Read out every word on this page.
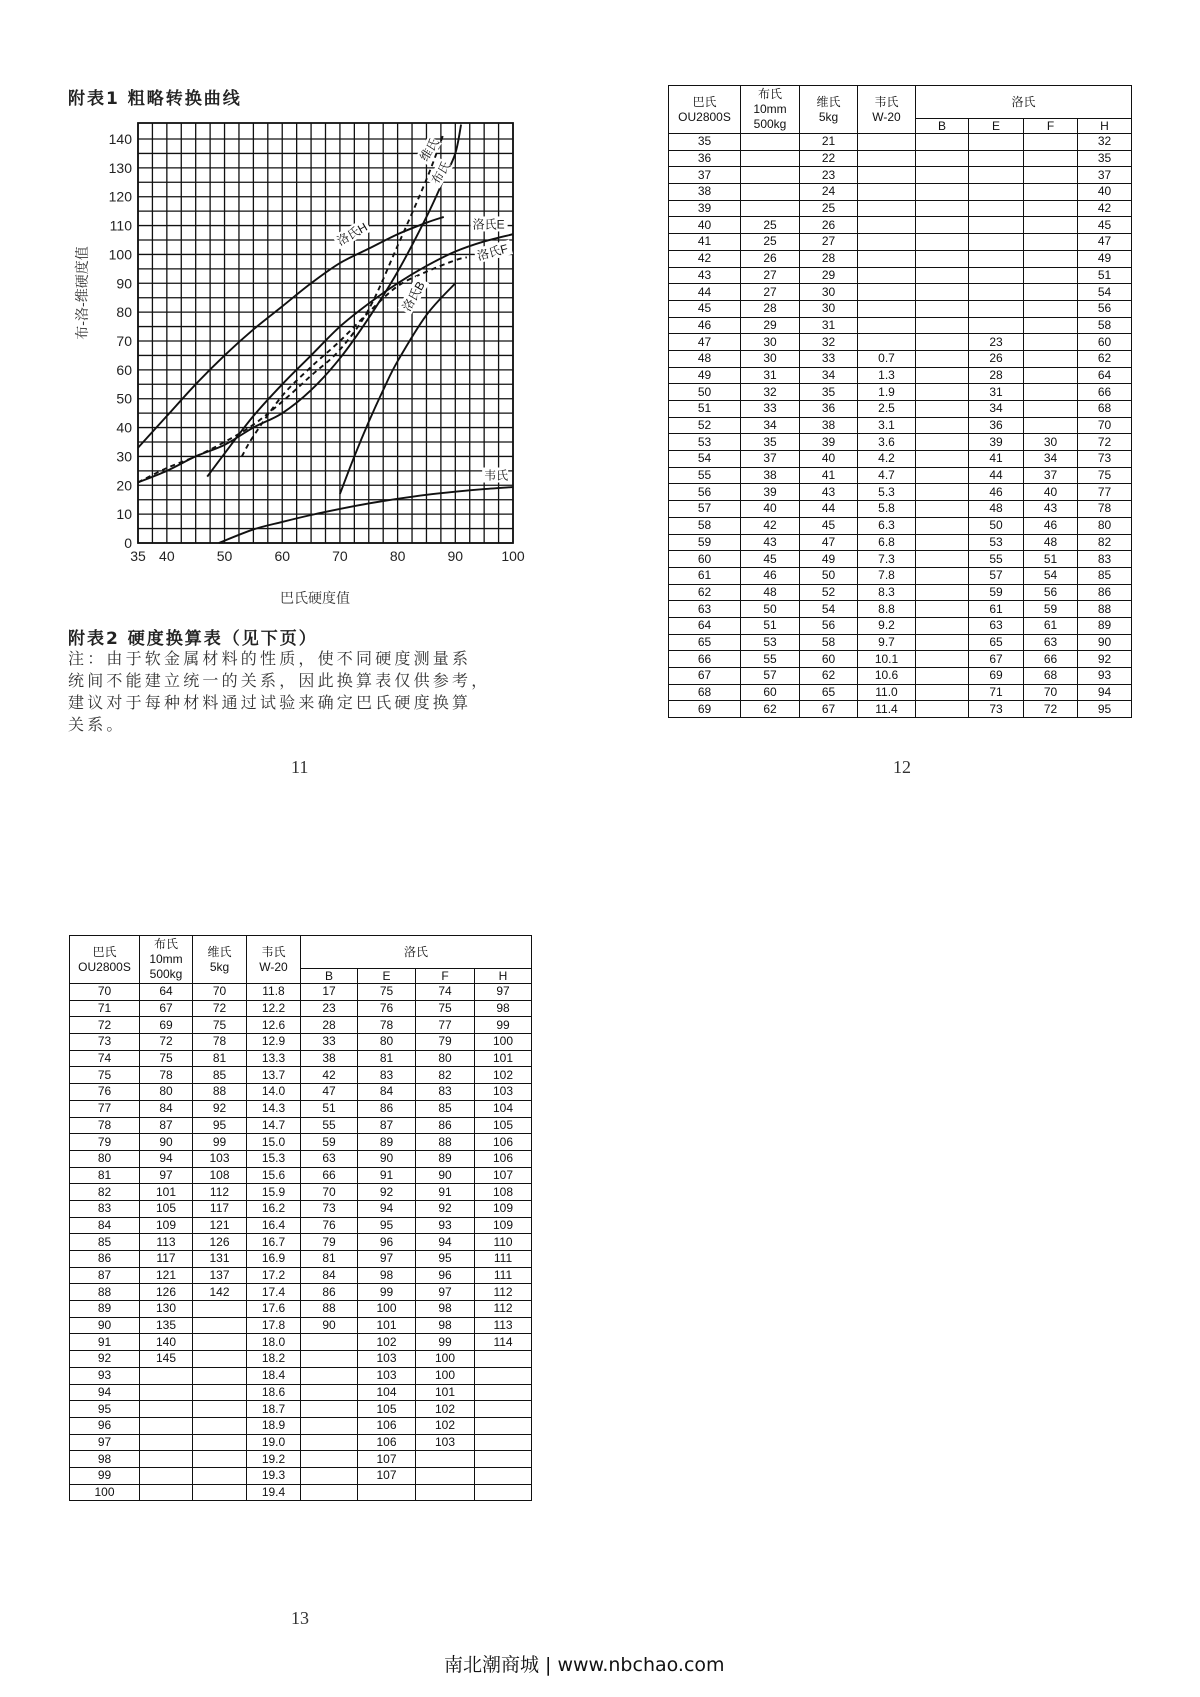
附表1 粗略转换曲线
0
10
20
30
40
50
60
70
80
90
100
110
120
130
140
35 40	50	60	70	80	90	100
洛氏H	洛氏E
洛氏F
洛氏B
布氏
维氏
韦氏
布-洛-维硬度值
巴氏硬度值
附表2 硬度换算表（见下页）
注：由于软金属材料的性质，使不同硬度测量系
统间不能建立统一的关系，因此换算表仅供参考，
建议对于每种材料通过试验来确定巴氏硬度换算
关系。
11
巴氏
OU2800S	布氏
10mm
500kg	维氏
5kg	韦氏
W-20	洛氏			
				B	E	F	H
35		21					32
36		22					35
37		23					37
38		24					40
39		25					42
40	25	26					45
41	25	27					47
42	26	28					49
43	27	29					51
44	27	30					54
45	28	30					56
46	29	31					58
47	30	32			23		60
48	30	33	0.7		26		62
49	31	34	1.3		28		64
50	32	35	1.9		31		66
51	33	36	2.5		34		68
52	34	38	3.1		36		70
53	35	39	3.6		39	30	72
54	37	40	4.2		41	34	73
55	38	41	4.7		44	37	75
56	39	43	5.3		46	40	77
57	40	44	5.8		48	43	78
58	42	45	6.3		50	46	80
59	43	47	6.8		53	48	82
60	45	49	7.3		55	51	83
61	46	50	7.8		57	54	85
62	48	52	8.3		59	56	86
63	50	54	8.8		61	59	88
64	51	56	9.2		63	61	89
65	53	58	9.7		65	63	90
66	55	60	10.1		67	66	92
67	57	62	10.6		69	68	93
68	60	65	11.0		71	70	94
69	62	67	11.4		73	72	95
12
巴氏
OU2800S	布氏
10mm
500kg	维氏
5kg	韦氏
W-20	洛氏			
				B	E	F	H
70	64	70	11.8	17	75	74	97
71	67	72	12.2	23	76	75	98
72	69	75	12.6	28	78	77	99
73	72	78	12.9	33	80	79	100
74	75	81	13.3	38	81	80	101
75	78	85	13.7	42	83	82	102
76	80	88	14.0	47	84	83	103
77	84	92	14.3	51	86	85	104
78	87	95	14.7	55	87	86	105
79	90	99	15.0	59	89	88	106
80	94	103	15.3	63	90	89	106
81	97	108	15.6	66	91	90	107
82	101	112	15.9	70	92	91	108
83	105	117	16.2	73	94	92	109
84	109	121	16.4	76	95	93	109
85	113	126	16.7	79	96	94	110
86	117	131	16.9	81	97	95	111
87	121	137	17.2	84	98	96	111
88	126	142	17.4	86	99	97	112
89	130		17.6	88	100	98	112
90	135		17.8	90	101	98	113
91	140		18.0		102	99	114
92	145		18.2		103	100	
93			18.4		103	100	
94			18.6		104	101	
95			18.7		105	102	
96			18.9		106	102	
97			19.0		106	103	
98			19.2		107		
99			19.3		107		
100			19.4				
13
南北潮商城 | www.nbchao.com
